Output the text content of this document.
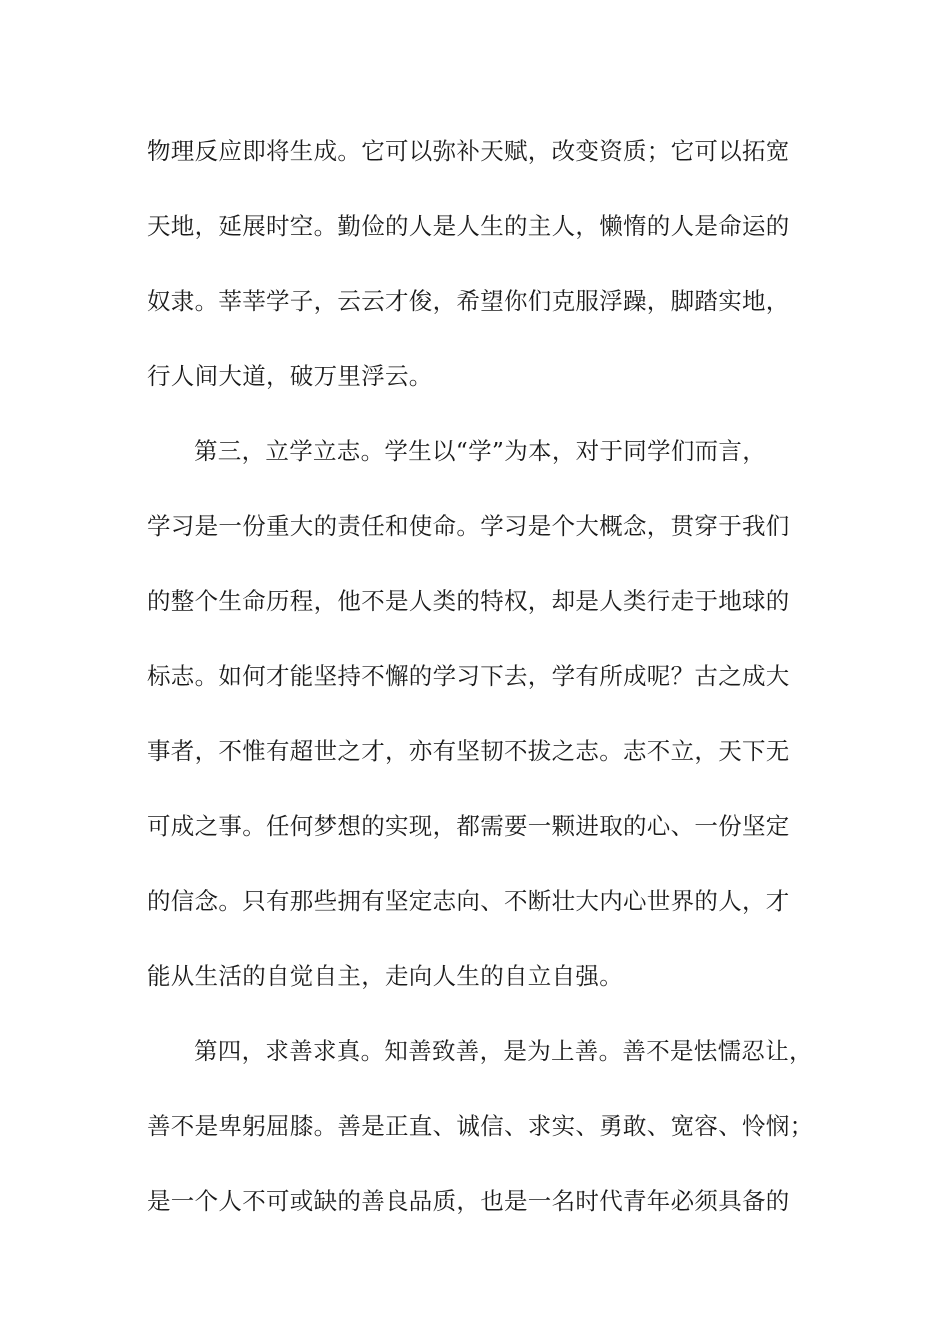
物理反应即将生成。它可以弥补天赋，改变资质；它可以拓宽
天地，延展时空。勤俭的人是人生的主人，懒惰的人是命运的
奴隶。莘莘学子，云云才俊，希望你们克服浮躁，脚踏实地，
行人间大道，破万里浮云。
第三，立学立志。学生以“学”为本，对于同学们而言，
学习是一份重大的责任和使命。学习是个大概念，贯穿于我们
的整个生命历程，他不是人类的特权，却是人类行走于地球的
标志。如何才能坚持不懈的学习下去，学有所成呢？古之成大
事者，不惟有超世之才，亦有坚韧不拔之志。志不立，天下无
可成之事。任何梦想的实现，都需要一颗进取的心、一份坚定
的信念。只有那些拥有坚定志向、不断壮大内心世界的人，才
能从生活的自觉自主，走向人生的自立自强。
第四，求善求真。知善致善，是为上善。善不是怯懦忍让，
善不是卑躬屈膝。善是正直、诚信、求实、勇敢、宽容、怜悯；
是一个人不可或缺的善良品质，也是一名时代青年必须具备的
